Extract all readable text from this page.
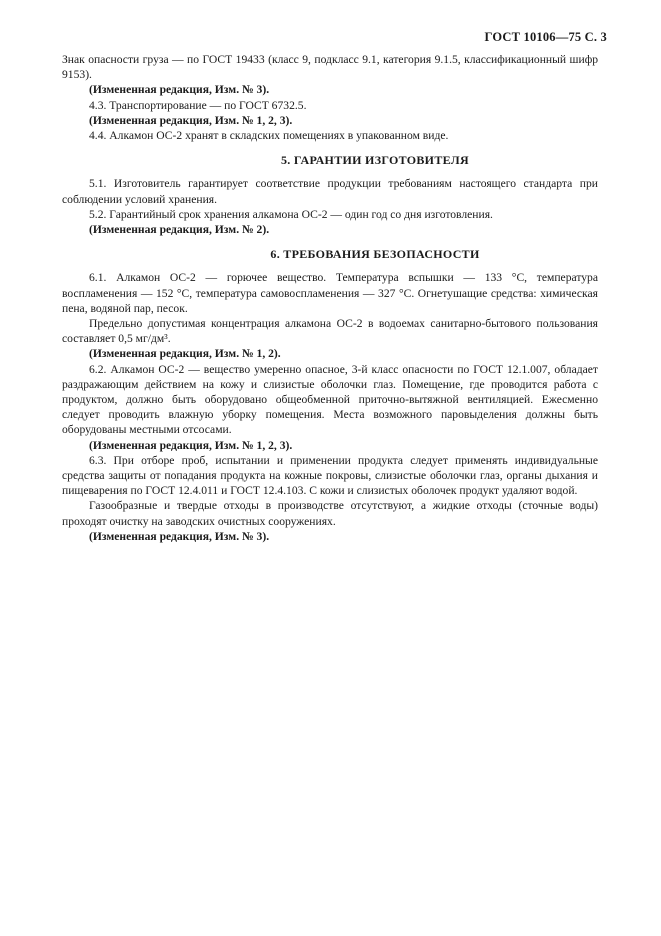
ГОСТ 10106—75 С. 3

Знак опасности груза — по ГОСТ 19433 (класс 9, подкласс 9.1, категория 9.1.5, классификационный шифр 9153).

(Измененная редакция, Изм. № 3).

4.3. Транспортирование — по ГОСТ 6732.5.

(Измененная редакция, Изм. № 1, 2, 3).

4.4. Алкамон ОС-2 хранят в складских помещениях в упакованном виде.

5. ГАРАНТИИ ИЗГОТОВИТЕЛЯ

5.1. Изготовитель гарантирует соответствие продукции требованиям настоящего стандарта при соблюдении условий хранения.

5.2. Гарантийный срок хранения алкамона ОС-2 — один год со дня изготовления.

(Измененная редакция, Изм. № 2).

6. ТРЕБОВАНИЯ БЕЗОПАСНОСТИ

6.1. Алкамон ОС-2 — горючее вещество. Температура вспышки — 133 °С, температура воспламенения — 152 °С, температура самовоспламенения — 327 °С. Огнетушащие средства: химическая пена, водяной пар, песок.

Предельно допустимая концентрация алкамона ОС-2 в водоемах санитарно-бытового пользования составляет 0,5 мг/дм³.

(Измененная редакция, Изм. № 1, 2).

6.2. Алкамон ОС-2 — вещество умеренно опасное, 3-й класс опасности по ГОСТ 12.1.007, обладает раздражающим действием на кожу и слизистые оболочки глаз. Помещение, где проводится работа с продуктом, должно быть оборудовано общеобменной приточно-вытяжной вентиляцией. Ежесменно следует проводить влажную уборку помещения. Места возможного паровыделения должны быть оборудованы местными отсосами.

(Измененная редакция, Изм. № 1, 2, 3).

6.3. При отборе проб, испытании и применении продукта следует применять индивидуальные средства защиты от попадания продукта на кожные покровы, слизистые оболочки глаз, органы дыхания и пищеварения по ГОСТ 12.4.011 и ГОСТ 12.4.103. С кожи и слизистых оболочек продукт удаляют водой.

Газообразные и твердые отходы в производстве отсутствуют, а жидкие отходы (сточные воды) проходят очистку на заводских очистных сооружениях.

(Измененная редакция, Изм. № 3).
